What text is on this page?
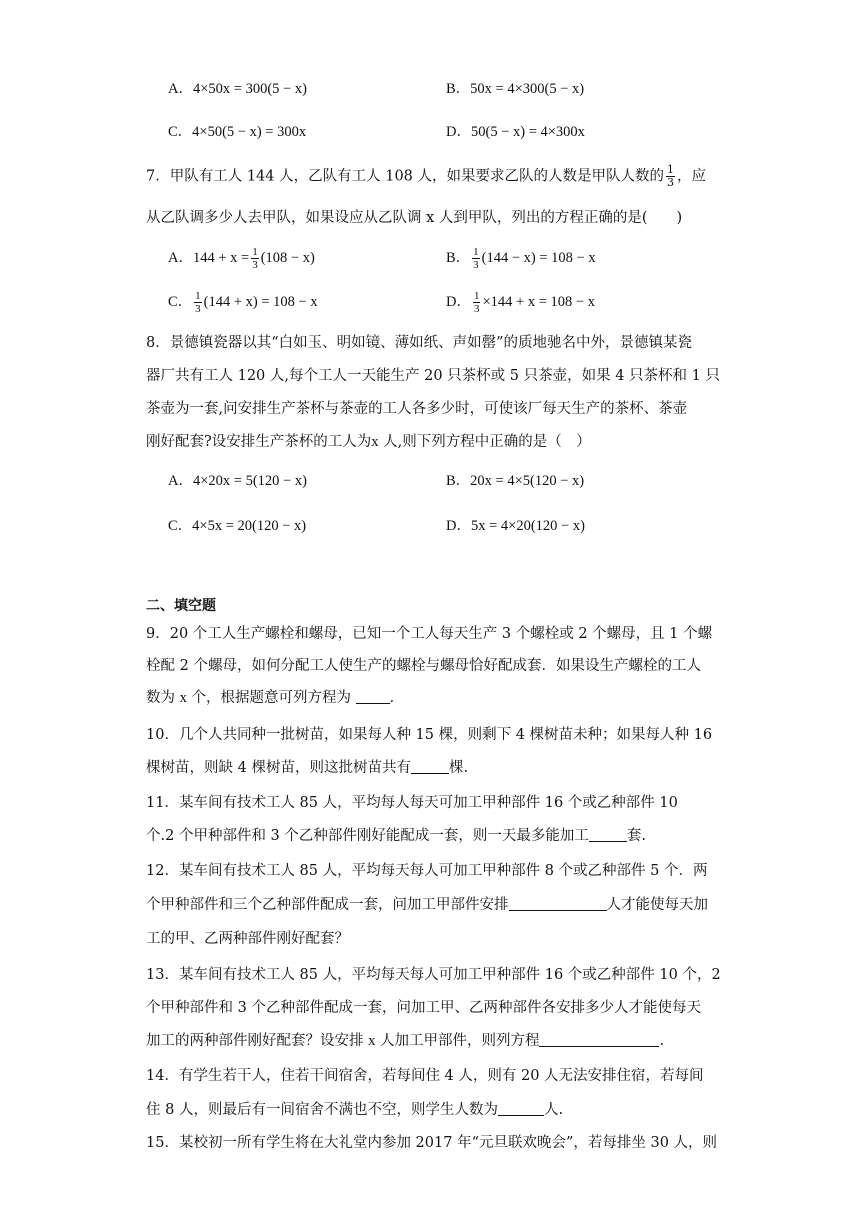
A．4×50x = 300(5 − x)	B．50x = 4×300(5 − x)
C．4×50(5 − x) = 300x	D．50(5 − x) = 4×300x
7．甲队有工人 144 人，乙队有工人 108 人，如果要求乙队的人数是甲队人数的 $\frac{1}{3}$ ，应
从乙队调多少人去甲队，如果设应从乙队调 x 人到甲队，列出的方程正确的是(　　)
A．$144 + x = \frac{1}{3} (108 - x)$	B． $\frac{1}{3} (144 - x) = 108 - x$
C． $\frac{1}{3} (144 + x) = 108 - x$	D． $\frac{1}{3} \times 144 + x = 108 - x$
8．景德镇瓷器以其“白如玉、明如镜、薄如纸、声如罄”的质地驰名中外，景德镇某瓷
器厂共有工人 120 人,每个工人一天能生产 20 只茶杯或 5 只茶壶，如果 4 只茶杯和 1 只
茶壶为一套,问安排生产茶杯与茶壶的工人各多少时，可使该厂每天生产的茶杯、茶壶
刚好配套?设安排生产茶杯的工人为x 人,则下列方程中正确的是（　）
A．4×20x = 5(120 − x)	B．20x = 4×5(120 − x)
C．4×5x = 20(120 − x)	D．5x = 4×20(120 − x)
二、填空题
9．20 个工人生产螺栓和螺母，已知一个工人每天生产 3 个螺栓或 2 个螺母，且 1 个螺
栓配 2 个螺母，如何分配工人使生产的螺栓与螺母恰好配成套．如果设生产螺栓的工人
数为 x 个，根据题意可列方程为 ．
10．几个人共同种一批树苗，如果每人种 15 棵，则剩下 4 棵树苗未种；如果每人种 16
棵树苗，则缺 4 棵树苗，则这批树苗共有	棵.
11．某车间有技术工人 85 人，平均每人每天可加工甲种部件 16 个或乙种部件 10
个.2 个甲种部件和 3 个乙种部件刚好能配成一套，则一天最多能加工	套.
12．某车间有技术工人 85 人，平均每天每人可加工甲种部件 8 个或乙种部件 5 个．两
个甲种部件和三个乙种部件配成一套，问加工甲部件安排	人才能使每天加
工的甲、乙两种部件刚好配套？
13．某车间有技术工人 85 人，平均每天每人可加工甲种部件 16 个或乙种部件 10 个，2
个甲种部件和 3 个乙种部件配成一套，问加工甲、乙两种部件各安排多少人才能使每天
加工的两种部件刚好配套？设安排 x 人加工甲部件，则列方程	.
14．有学生若干人，住若干间宿舍，若每间住 4 人，则有 20 人无法安排住宿，若每间
住 8 人，则最后有一间宿舍不满也不空，则学生人数为	人.
15．某校初一所有学生将在大礼堂内参加 2017 年“元旦联欢晚会”，若每排坐 30 人，则
